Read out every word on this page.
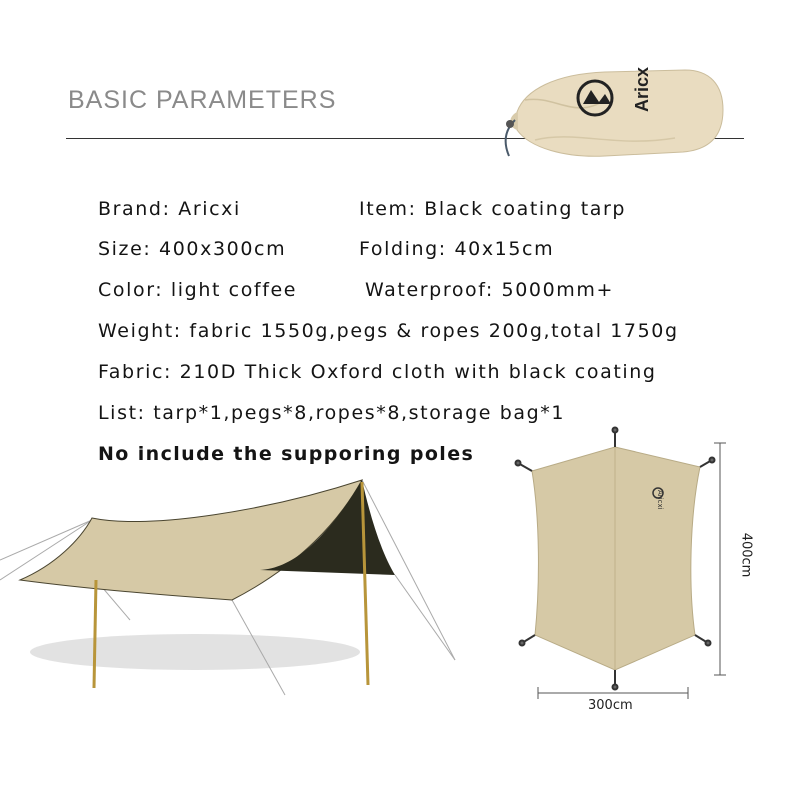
BASIC PARAMETERS	Aricx
Brand: Aricxi	Item: Black coating tarp
Size: 400x300cm	Folding: 40x15cm
Color: light coffee	Waterproof: 5000mm+
Weight: fabric 1550g,pegs & ropes 200g,total 1750g
Fabric: 210D Thick Oxford cloth with black coating
List: tarp*1,pegs*8,ropes*8,storage bag*1
No include the supporing poles
Aricxi
300cm
400cm
